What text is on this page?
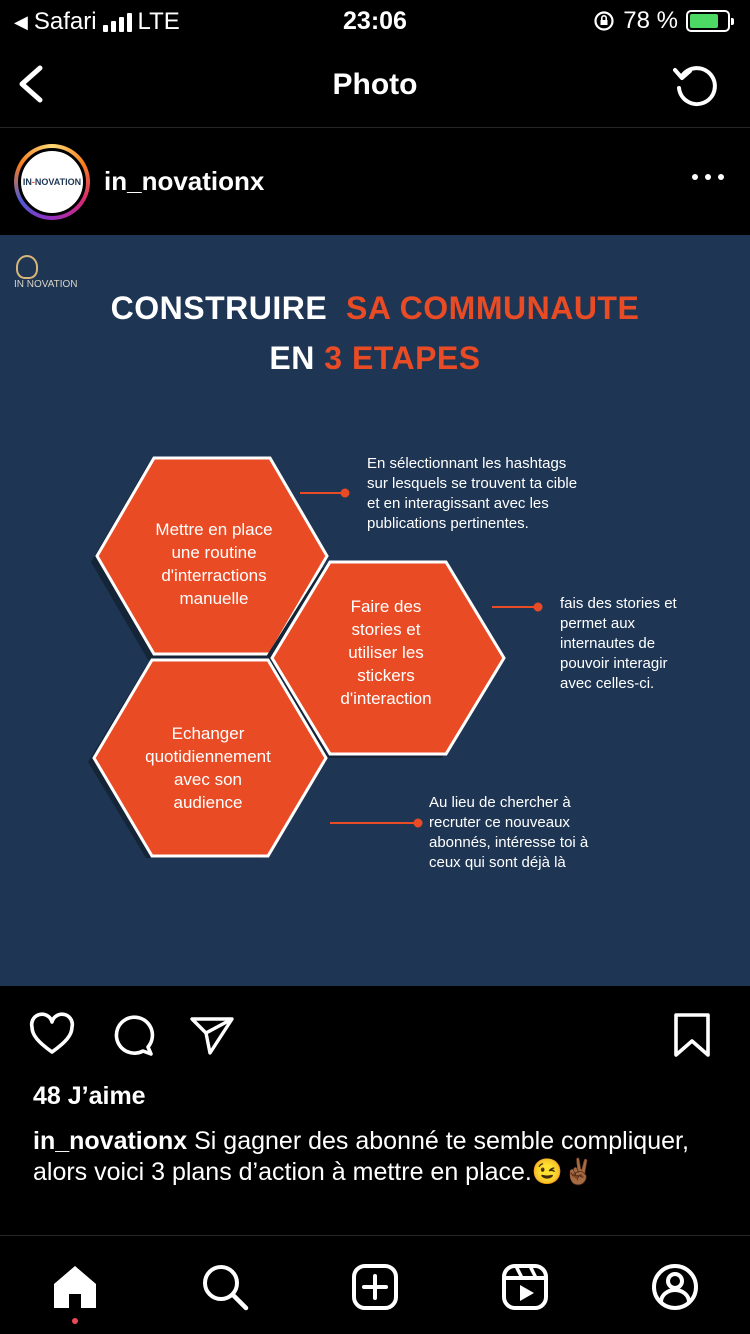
◀ Safari LTE	23:06	78 %
Photo
IN - NOVATION in_novationx
IN NOVATION
CONSTRUIRE SA COMMUNAUTE
EN 3 ETAPES
Mettre en place
une routine
d'interractions
manuelle	Faire des
stories et
utiliser les
stickers
d'interaction
Echanger
quotidiennement
avec son
audience
En sélectionnant les hashtags
sur lesquels se trouvent ta cible
et en interagissant avec les
publications pertinentes.
fais des stories et
permet aux
internautes de
pouvoir interagir
avec celles-ci.
Au lieu de chercher à
recruter ce nouveaux
abonnés, intéresse toi à
ceux qui sont déjà là
48 J’aime
in_novationx Si gagner des abonné te semble compliquer, alors voici 3 plans d’action à mettre en place.😉✌🏾
